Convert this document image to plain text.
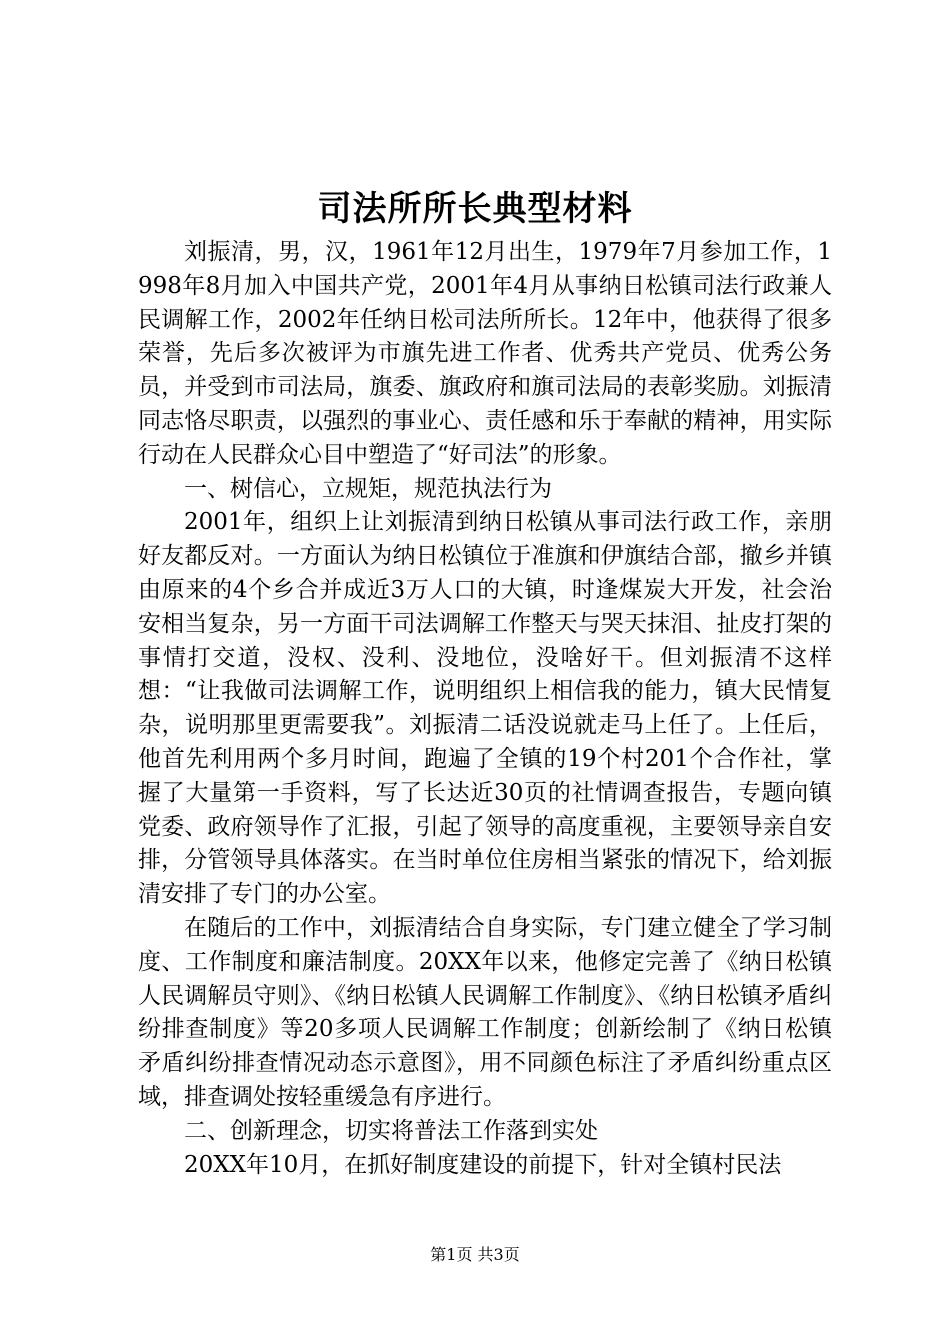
司法所所长典型材料

刘振清，男，汉，1961年12月出生，1979年7月参加工作，1998年8月加入中国共产党，2001年4月从事纳日松镇司法行政兼人民调解工作，2002年任纳日松司法所所长。12年中，他获得了很多荣誉，先后多次被评为市旗先进工作者、优秀共产党员、优秀公务员，并受到市司法局，旗委、旗政府和旗司法局的表彰奖励。刘振清同志恪尽职责，以强烈的事业心、责任感和乐于奉献的精神，用实际行动在人民群众心目中塑造了“好司法”的形象。

一、树信心，立规矩，规范执法行为

2001年，组织上让刘振清到纳日松镇从事司法行政工作，亲朋好友都反对。一方面认为纳日松镇位于准旗和伊旗结合部，撤乡并镇由原来的4个乡合并成近3万人口的大镇，时逢煤炭大开发，社会治安相当复杂，另一方面干司法调解工作整天与哭天抹泪、扯皮打架的事情打交道，没权、没利、没地位，没啥好干。但刘振清不这样想：“让我做司法调解工作，说明组织上相信我的能力，镇大民情复杂，说明那里更需要我”。刘振清二话没说就走马上任了。上任后，他首先利用两个多月时间，跑遍了全镇的19个村201个合作社，掌握了大量第一手资料，写了长达近30页的社情调查报告，专题向镇党委、政府领导作了汇报，引起了领导的高度重视，主要领导亲自安排，分管领导具体落实。在当时单位住房相当紧张的情况下，给刘振清安排了专门的办公室。

在随后的工作中，刘振清结合自身实际，专门建立健全了学习制度、工作制度和廉洁制度。20XX年以来，他修定完善了《纳日松镇人民调解员守则》、《纳日松镇人民调解工作制度》、《纳日松镇矛盾纠纷排查制度》等20多项人民调解工作制度；创新绘制了《纳日松镇矛盾纠纷排查情况动态示意图》，用不同颜色标注了矛盾纠纷重点区域，排查调处按轻重缓急有序进行。

二、创新理念，切实将普法工作落到实处

20XX年10月，在抓好制度建设的前提下，针对全镇村民法

第1页 共3页
